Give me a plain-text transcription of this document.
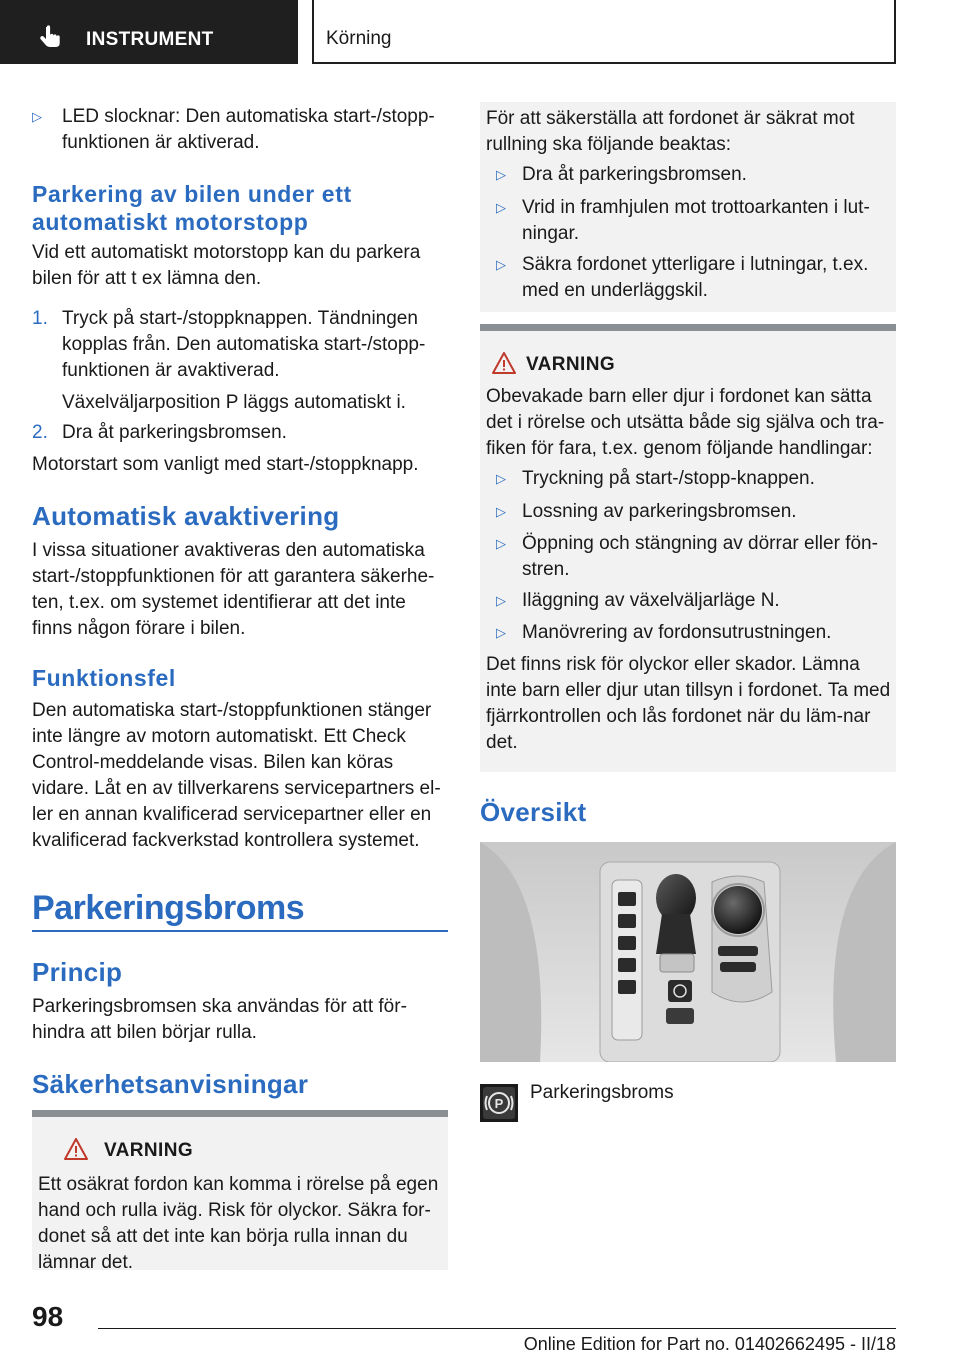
INSTRUMENT	Körning
▷	LED slocknar: Den automatiska start-/stopp-funktionen är aktiverad.
Parkering av bilen under ett automatiskt motorstopp

Vid ett automatiskt motorstopp kan du parkera bilen för att t ex lämna den.

1. Tryck på start-/stoppknappen. Tändningen kopplas från. Den automatiska start-/stopp-funktionen är avaktiverad.

Växelväljarposition P läggs automatiskt i.

2. Dra åt parkeringsbromsen.

Motorstart som vanligt med start-/stoppknapp.

Automatisk avaktivering

I vissa situationer avaktiveras den automatiska start-/stoppfunktionen för att garantera säkerhe-ten, t.ex. om systemet identifierar att det inte finns någon förare i bilen.

Funktionsfel

Den automatiska start-/stoppfunktionen stänger inte längre av motorn automatiskt. Ett Check Control-meddelande visas. Bilen kan köras vidare. Låt en av tillverkarens servicepartners el-ler en annan kvalificerad servicepartner eller en kvalificerad fackverkstad kontrollera systemet.

Parkeringsbroms
Princip

Parkeringsbromsen ska användas för att för-hindra att bilen börjar rulla.

Säkerhetsanvisningar
VARNING

Ett osäkrat fordon kan komma i rörelse på egen hand och rulla iväg. Risk för olyckor. Säkra for-donet så att det inte kan börja rulla innan du lämnar det.

För att säkerställa att fordonet är säkrat mot rullning ska följande beaktas:

▷ Dra åt parkeringsbromsen.
▷ Vrid in framhjulen mot trottoarkanten i lut-ningar.
▷ Säkra fordonet ytterligare i lutningar, t.ex. med en underläggskil.
VARNING

Obevakade barn eller djur i fordonet kan sätta det i rörelse och utsätta både sig själva och tra-fiken för fara, t.ex. genom följande handlingar:

▷ Tryckning på start-/stopp-knappen.
▷ Lossning av parkeringsbromsen.
▷ Öppning och stängning av dörrar eller fön-stren.
▷ Iläggning av växelväljarläge N.
▷ Manövrering av fordonsutrustningen.

Det finns risk för olyckor eller skador. Lämna inte barn eller djur utan tillsyn i fordonet. Ta med fjärrkontrollen och lås fordonet när du läm-nar det.

Översikt
P
Parkeringsbroms
98
Online Edition for Part no. 01402662495 - II/18
